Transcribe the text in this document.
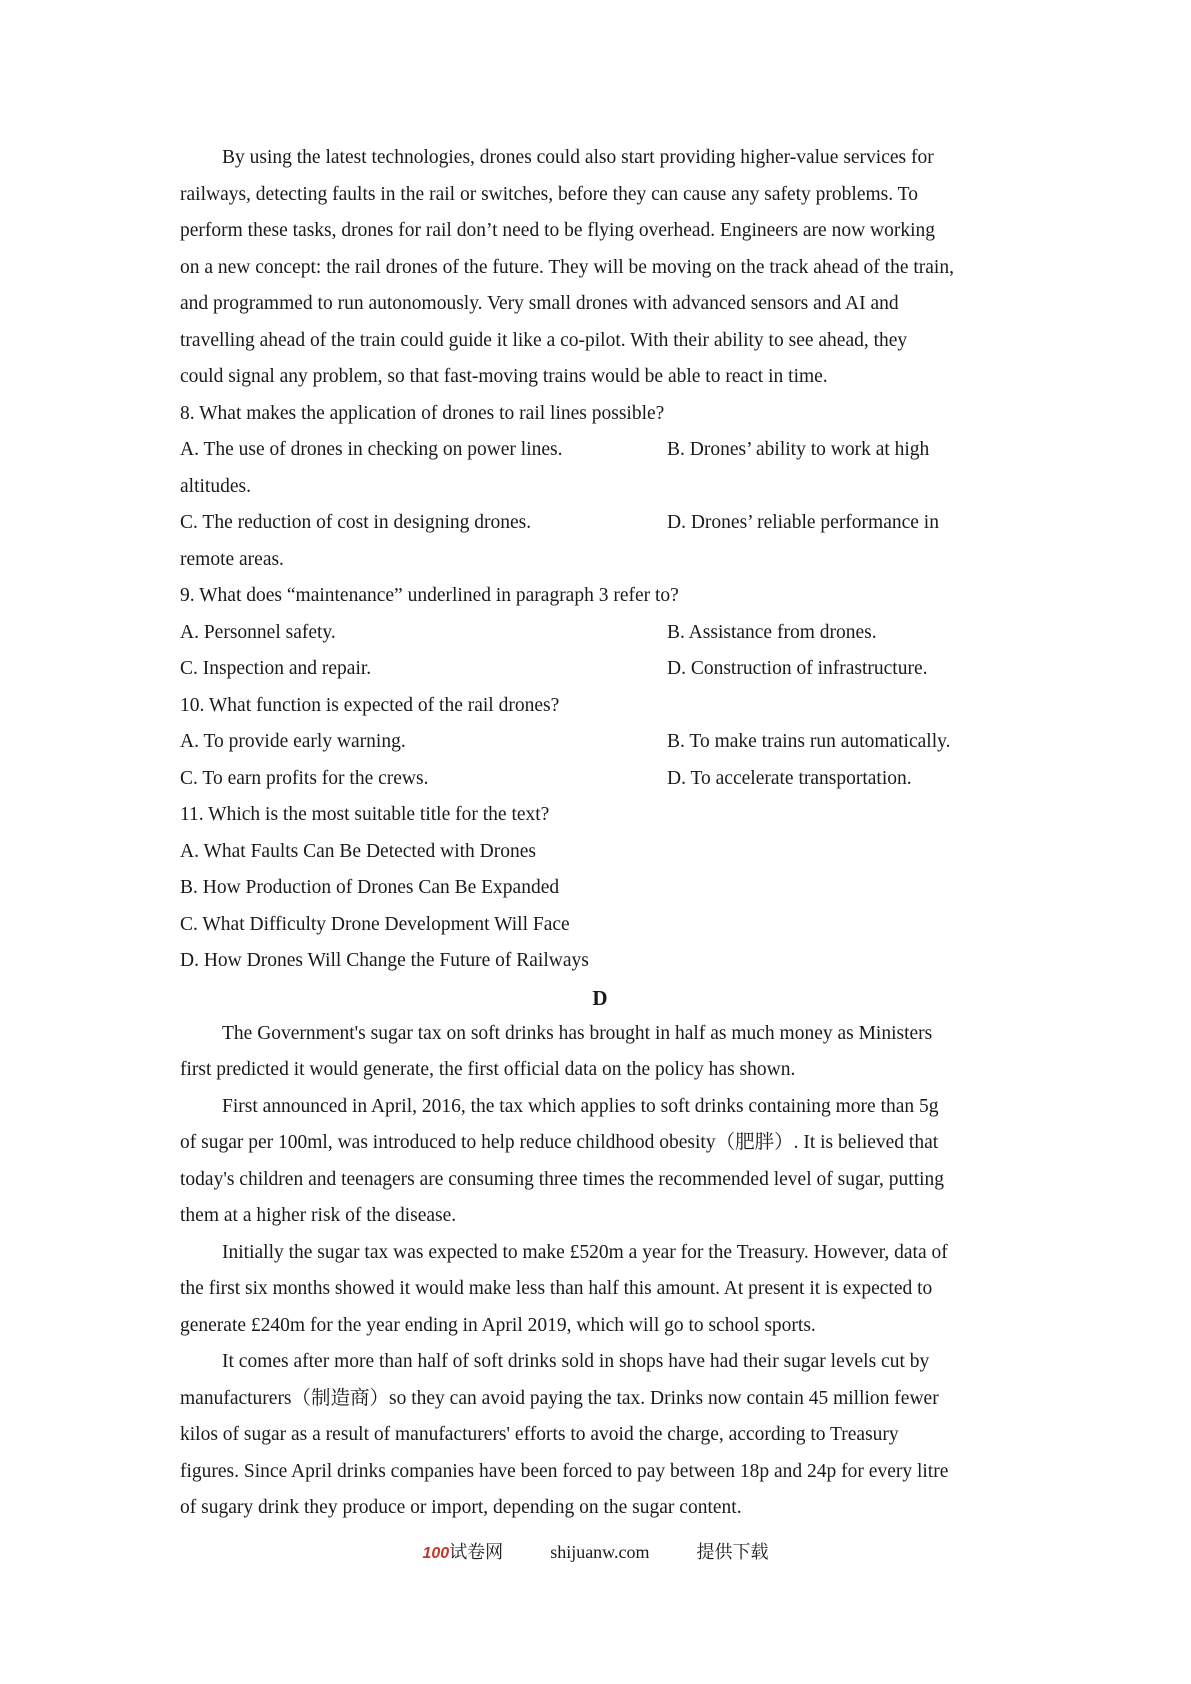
By using the latest technologies, drones could also start providing higher-value services for
railways, detecting faults in the rail or switches, before they can cause any safety problems. To
perform these tasks, drones for rail don’t need to be flying overhead. Engineers are now working
on a new concept: the rail drones of the future. They will be moving on the track ahead of the train,
and programmed to run autonomously. Very small drones with advanced sensors and AI and
travelling ahead of the train could guide it like a co-pilot. With their ability to see ahead, they
could signal any problem, so that fast-moving trains would be able to react in time.
8. What makes the application of drones to rail lines possible?
A. The use of drones in checking on power lines.	B. Drones’ ability to work at high
altitudes.
C. The reduction of cost in designing drones.	D. Drones’ reliable performance in
remote areas.
9. What does “maintenance” underlined in paragraph 3 refer to?
A. Personnel safety.	B. Assistance from drones.
C. Inspection and repair.	D. Construction of infrastructure.
10. What function is expected of the rail drones?
A. To provide early warning.	B. To make trains run automatically.
C. To earn profits for the crews.	D. To accelerate transportation.
11. Which is the most suitable title for the text?
A. What Faults Can Be Detected with Drones
B. How Production of Drones Can Be Expanded
C. What Difficulty Drone Development Will Face
D. How Drones Will Change the Future of Railways
D
The Government's sugar tax on soft drinks has brought in half as much money as Ministers
first predicted it would generate, the first official data on the policy has shown.
First announced in April, 2016, the tax which applies to soft drinks containing more than 5g
of sugar per 100ml, was introduced to help reduce childhood obesity（肥胖）. It is believed that
today's children and teenagers are consuming three times the recommended level of sugar, putting
them at a higher risk of the disease.
Initially the sugar tax was expected to make £520m a year for the Treasury. However, data of
the first six months showed it would make less than half this amount. At present it is expected to
generate £240m for the year ending in April 2019, which will go to school sports.
It comes after more than half of soft drinks sold in shops have had their sugar levels cut by
manufacturers（制造商）so they can avoid paying the tax. Drinks now contain 45 million fewer
kilos of sugar as a result of manufacturers' efforts to avoid the charge, according to Treasury
figures. Since April drinks companies have been forced to pay between 18p and 24p for every litre
of sugary drink they produce or import, depending on the sugar content.
100试卷网	shijuanw.com	提供下载
